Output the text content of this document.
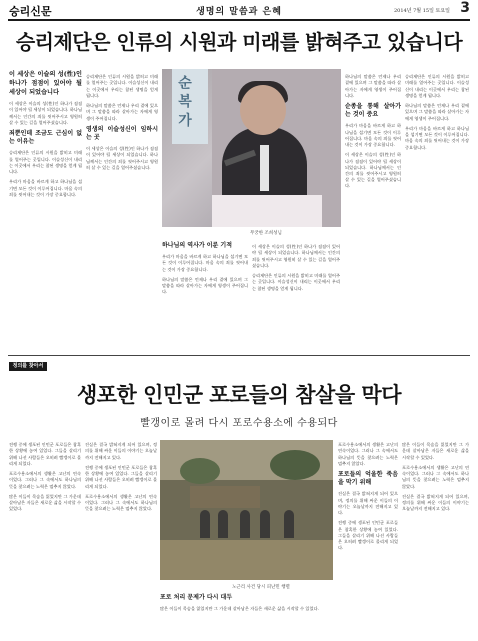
승리신문	생명의 말씀과 은혜	2014년 7월 15일 토요일 3
승리제단은 인류의 시원과 미래를 밝혀주고 있습니다
이 세상은 이슬의 성(性)인 하나가 점점이 있어야 될 세상이 되었습니다

이 세상은 이슬의 성(性)인 하나가 점점이 있어야 될 세상이 되었습니다. 하나님께서는 인간의 죄를 씻어주시고 영원히 살 수 있는 길을 열어주셨습니다.

죄뿐인데 조금도 근심이 없는 이유는

승리제단은 인류의 시원을 밝히고 미래를 열어주는 곳입니다. 이슬성신이 내리는 이곳에서 우리는 참된 생명을 얻게 됩니다.

우리가 마음을 바르게 하고 하나님을 섬기면 모든 것이 이루어집니다. 마음 속의 죄를 씻어내는 것이 가장 중요합니다.

승리제단은 인류의 시원을 밝히고 미래를 열어주는 곳입니다. 이슬성신이 내리는 이곳에서 우리는 참된 생명을 얻게 됩니다.

하나님의 말씀은 언제나 우리 곁에 있으며 그 말씀을 따라 살아가는 자에게 영생이 주어집니다.

영생의 이슬성신이 임하시는 곳

이 세상은 이슬의 성(性)인 하나가 점점이 있어야 될 세상이 되었습니다. 하나님께서는 인간의 죄를 씻어주시고 영원히 살 수 있는 길을 열어주셨습니다.

순 복 가
무궁한 조희성님
하나님의 역사가 이룬 기적

우리가 마음을 바르게 하고 하나님을 섬기면 모든 것이 이루어집니다. 마음 속의 죄를 씻어내는 것이 가장 중요합니다.

하나님의 말씀은 언제나 우리 곁에 있으며 그 말씀을 따라 살아가는 자에게 영생이 주어집니다.

이 세상은 이슬의 성(性)인 하나가 점점이 있어야 될 세상이 되었습니다. 하나님께서는 인간의 죄를 씻어주시고 영원히 살 수 있는 길을 열어주셨습니다.

승리제단은 인류의 시원을 밝히고 미래를 열어주는 곳입니다. 이슬성신이 내리는 이곳에서 우리는 참된 생명을 얻게 됩니다.

하나님의 말씀은 언제나 우리 곁에 있으며 그 말씀을 따라 살아가는 자에게 영생이 주어집니다.

순종을 통해 살아가는 것이 중요

우리가 마음을 바르게 하고 하나님을 섬기면 모든 것이 이루어집니다. 마음 속의 죄를 씻어내는 것이 가장 중요합니다.

이 세상은 이슬의 성(性)인 하나가 점점이 있어야 될 세상이 되었습니다. 하나님께서는 인간의 죄를 씻어주시고 영원히 살 수 있는 길을 열어주셨습니다.

승리제단은 인류의 시원을 밝히고 미래를 열어주는 곳입니다. 이슬성신이 내리는 이곳에서 우리는 참된 생명을 얻게 됩니다.

하나님의 말씀은 언제나 우리 곁에 있으며 그 말씀을 따라 살아가는 자에게 영생이 주어집니다.

우리가 마음을 바르게 하고 하나님을 섬기면 모든 것이 이루어집니다. 마음 속의 죄를 씻어내는 것이 가장 중요합니다.

정의를 찾아서
생포한 인민군 포로들의 참살을 막다
빨갱이로 몰려 다시 포로수용소에 수용되다

전쟁 중에 생포된 인민군 포로들은 참혹한 상황에 놓여 있었다. 그들을 살리기 위해 나선 사람들은 오히려 빨갱이로 몰리게 되었다.

포로수용소에서의 생활은 고난의 연속이었다. 그러나 그 속에서도 하나님의 뜻을 찾으려는 노력은 멈추지 않았다.

많은 이들이 목숨을 잃었지만 그 가운데 살아남은 자들은 새로운 삶을 시작할 수 있었다.

진실은 결국 밝혀지게 되어 있으며, 정의를 위해 싸운 이들의 이야기는 오늘날까지 전해지고 있다.

전쟁 중에 생포된 인민군 포로들은 참혹한 상황에 놓여 있었다. 그들을 살리기 위해 나선 사람들은 오히려 빨갱이로 몰리게 되었다.

포로수용소에서의 생활은 고난의 연속이었다. 그러나 그 속에서도 하나님의 뜻을 찾으려는 노력은 멈추지 않았다.

노근리 사건 당시 피난민 행렬
포로 처리 문제가 다시 대두

많은 이들이 목숨을 잃었지만 그 가운데 살아남은 자들은 새로운 삶을 시작할 수 있었다.

포로수용소에서의 생활은 고난의 연속이었다. 그러나 그 속에서도 하나님의 뜻을 찾으려는 노력은 멈추지 않았다.

포로들의 억울한 죽음을 막기 위해

진실은 결국 밝혀지게 되어 있으며, 정의를 위해 싸운 이들의 이야기는 오늘날까지 전해지고 있다.

전쟁 중에 생포된 인민군 포로들은 참혹한 상황에 놓여 있었다. 그들을 살리기 위해 나선 사람들은 오히려 빨갱이로 몰리게 되었다.

많은 이들이 목숨을 잃었지만 그 가운데 살아남은 자들은 새로운 삶을 시작할 수 있었다.

포로수용소에서의 생활은 고난의 연속이었다. 그러나 그 속에서도 하나님의 뜻을 찾으려는 노력은 멈추지 않았다.

진실은 결국 밝혀지게 되어 있으며, 정의를 위해 싸운 이들의 이야기는 오늘날까지 전해지고 있다.
